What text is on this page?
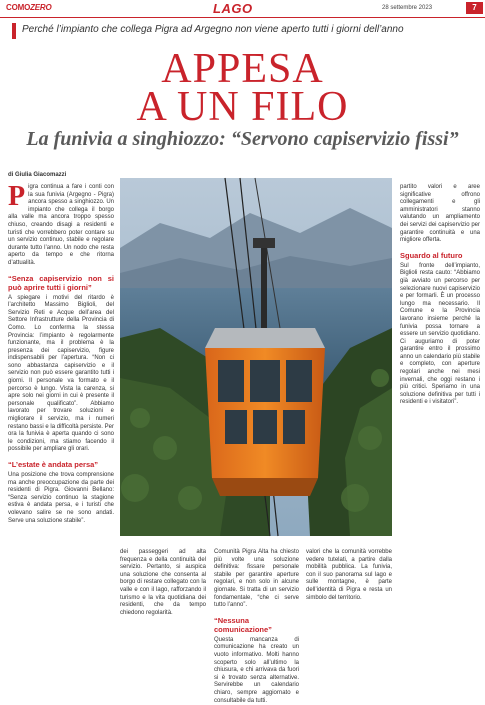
COMOZERO	LAGO	28 settembre 2023	7
Perché l’impianto che collega Pigra ad Argegno non viene aperto tutti i giorni dell’anno
APPESA
A UN FILO
La funivia a singhiozzo: “Servono capiservizio fissi”
di Giulia Giacomazzi

Pigra continua a fare i conti con la sua funivia (Argegno - Pigra) ancora spesso a singhiozzo. Un impianto che collega il borgo alla valle ma ancora troppo spesso chiuso, creando disagi a residenti e turisti che vorrebbero poter contare su un servizio continuo, stabile e regolare durante tutto l’anno. Un nodo che resta aperto da tempo e che ritorna d’attualità.

“Senza capiservizio non si può aprire tutti i giorni”

A spiegare i motivi del ritardo è l’architetto Massimo Biglioli, del Servizio Reti e Acque dell’area del Settore Infrastrutture della Provincia di Como. Lo conferma la stessa Provincia: l’impianto è regolarmente funzionante, ma il problema è la presenza dei capiservizio, figure indispensabili per l’apertura. “Non ci sono abbastanza capiservizio e il servizio non può essere garantito tutti i giorni. Il personale va formato e il percorso è lungo. Vista la carenza, si apre solo nei giorni in cui è presente il personale qualificato”. Abbiamo lavorato per trovare soluzioni e migliorare il servizio, ma i numeri restano bassi e la difficoltà persiste. Per ora la funivia è aperta quando ci sono le condizioni, ma stiamo facendo il possibile per ampliare gli orari.

“L’estate è andata persa”

Una posizione che trova comprensione ma anche preoccupazione da parte dei residenti di Pigra. Giovanni Bellano: “Senza servizio continuo la stagione estiva è andata persa, e i turisti che volevano salire se ne sono andati. Serve una soluzione stabile”.

dei passeggeri ad alta frequenza e della continuità del servizio. Pertanto, si auspica una soluzione che consenta al borgo di restare collegato con la valle e con il lago, rafforzando il turismo e la vita quotidiana dei residenti, che da tempo chiedono regolarità.

Comunità Pigra Alta ha chiesto più volte una soluzione definitiva: fissare personale stabile per garantire aperture regolari, e non solo in alcune giornate. Si tratta di un servizio fondamentale, “che ci serve tutto l’anno”.

“Nessuna comunicazione”

Questa mancanza di comunicazione ha creato un vuoto informativo. Molti hanno scoperto solo all’ultimo la chiusura, e chi arrivava da fuori si è trovato senza alternative. Servirebbe un calendario chiaro, sempre aggiornato e consultabile da tutti.

valori che la comunità vorrebbe vedere tutelati, a partire dalla mobilità pubblica. La funivia, con il suo panorama sul lago e sulle montagne, è parte dell’identità di Pigra e resta un simbolo del territorio.

partito valori e aree significative offrono collegamenti e gli amministratori stanno valutando un ampliamento dei servizi dei capiservizio per garantire continuità e una migliore offerta.

Sguardo al futuro

Sul fronte dell’impianto, Biglioli resta cauto: “Abbiamo già avviato un percorso per selezionare nuovi capiservizio e per formarli. È un processo lungo ma necessario. Il Comune e la Provincia lavorano insieme perché la funivia possa tornare a essere un servizio quotidiano. Ci auguriamo di poter garantire entro il prossimo anno un calendario più stabile e completo, con aperture regolari anche nei mesi invernali, che oggi restano i più critici. Speriamo in una soluzione definitiva per tutti i residenti e i visitatori”.
